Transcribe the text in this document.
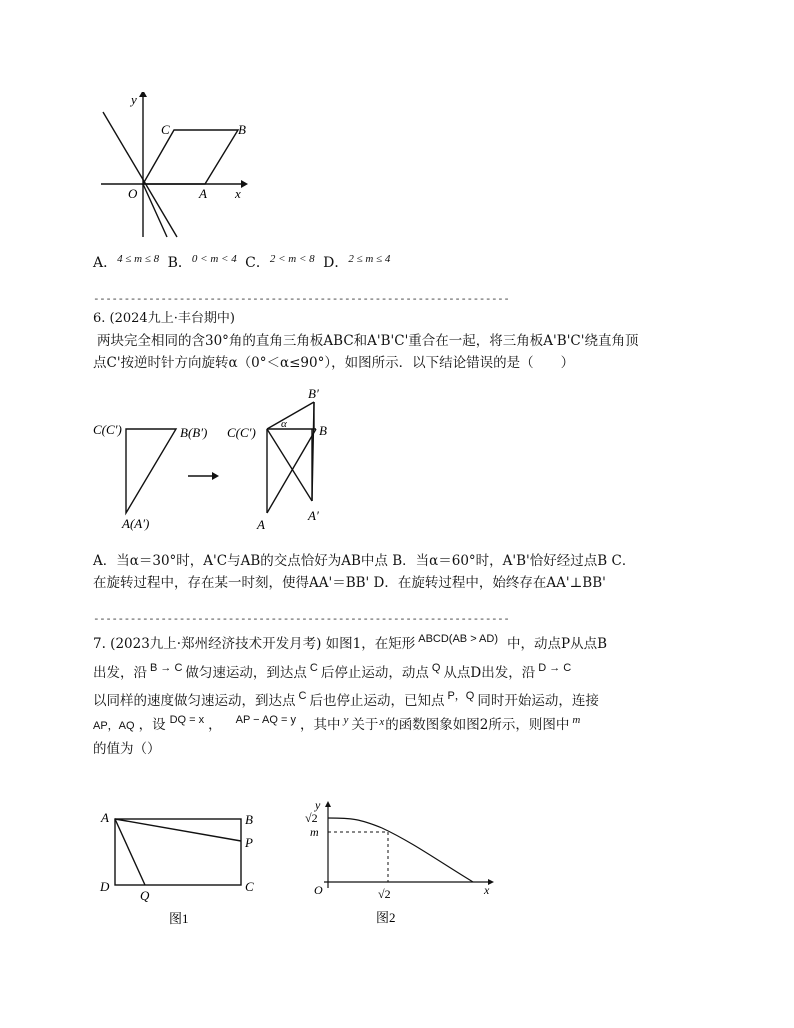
y
x
O	A
B
C
A．$^{4 \le m \le 8}$ B．$^{0 < m < 4}$ C．$^{2 < m < 8}$ D．$^{2 \le m \le 4}$
--------------------------------------------------------------------
6. (2024九上·丰台期中)
两块完全相同的含30°角的直角三角板ABC和A'B'C'重合在一起，将三角板A'B'C'绕直角顶
点C'按逆时针方向旋转α（0°＜α≤90°），如图所示．以下结论错误的是（　　）
C(C′)	B(B′)
A(A′)
C(C′)
B′
B
A
A′
α
A．当α＝30°时，A'C与AB的交点恰好为AB中点 B．当α＝60°时，A'B'恰好经过点B C．
在旋转过程中，存在某一时刻，使得AA'＝BB' D．在旋转过程中，始终存在AA'⊥BB'
--------------------------------------------------------------------
7. (2023九上·郑州经济技术开发月考) 如图1，在矩形 $^{ABCD(AB > AD)}$ 中，动点P从点B
出发，沿 $^{B \to C}$ 做匀速运动，到达点 $^C$ 后停止运动，动点 $^Q$ 从点D出发，沿 $^{D \to C}$
以同样的速度做匀速运动，到达点 $^C$ 后也停止运动，已知点 $^{P,Q}$ 同时开始运动，连接
AP，AQ ，设 $^{DQ = x}$ ， $^{AP - AQ = y}$ ，其中 $^y$ 关于$^x$的函数图象如图2所示，则图中 $^m$
的值为（）
A	B
P
C
D
Q
图1
y
x
O
√2
m
√2
图2
